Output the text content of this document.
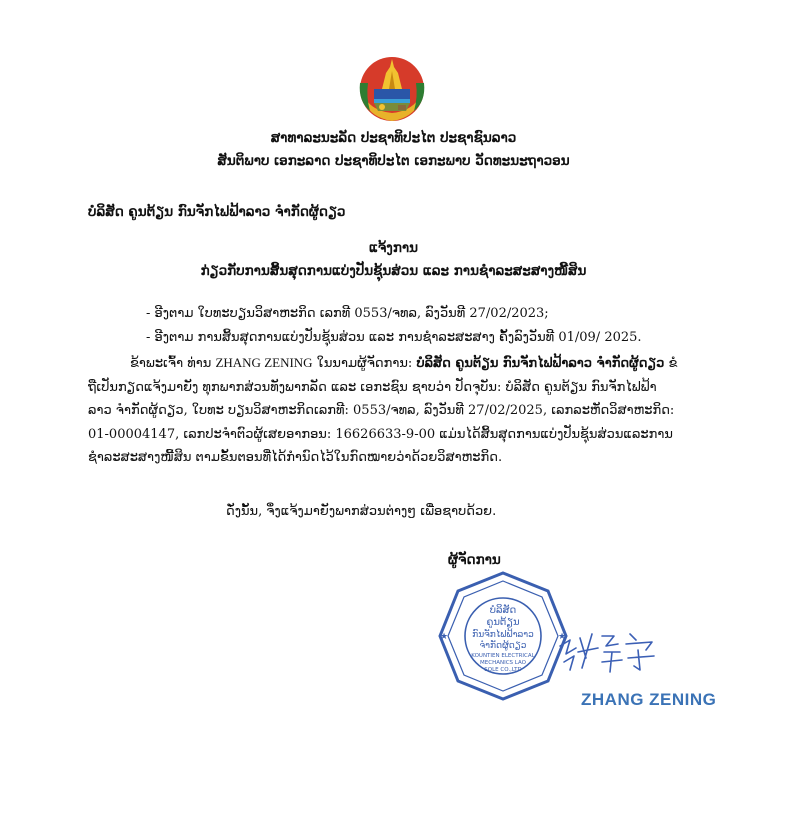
ສາທາລະນະລັດ ປະຊາທິປະໄຕ ປະຊາຊົນລາວ
ສັນຕິພາບ ເອກະລາດ ປະຊາທິປະໄຕ ເອກະພາບ ວັດທະນະຖາວອນ
ບໍລິສັດ ຄູນຕ້ຽນ ກົນຈັກໄຟຟ້າລາວ ຈໍາກັດຜູ້ດຽວ
ແຈ້ງການ
ກ່ຽວກັບການສິ້ນສຸດການແບ່ງປັນຊຸ້ນສ່ວນ ແລະ ການຊໍາລະສະສາງໜີ້ສິນ
- ອີງຕາມ ໃບທະບຽນວິສາຫະກິດ ເລກທີ 0553/ຈທລ, ລົງວັນທີ 27/02/2023;
- ອີງຕາມ ການສິ້ນສຸດການແບ່ງປັນຊຸ້ນສ່ວນ ແລະ ການຊໍາລະສະສາງ ຄັ້ງລົງວັນທີ 01/09/ 2025.
ຂ້າພະເຈົ້າ ທ່ານ ZHANG ZENING ໃນນາມຜູ້ຈັດການ: ບໍລິສັດ ຄູນຕ້ຽນ ກົນຈັກໄຟຟ້າລາວ ຈໍາກັດຜູ້ດຽວ ຂໍຖືເປັນກຽດແຈ້ງມາຍັງ ທຸກພາກສ່ວນທັງພາກລັດ ແລະ ເອກະຊົນ ຊາບວ່າ ປັດຈຸບັນ: ບໍລິສັດ ຄູນຕ້ຽນ ກົນຈັກໄຟຟ້າລາວ ຈໍາກັດຜູ້ດຽວ, ໃບທະ ບຽນວິສາຫະກິດເລກທີ: 0553/ຈທລ, ລົງວັນທີ 27/02/2025, ເລກລະຫັດວິສາຫະກິດ: 01-00004147, ເລກປະຈໍາຕົວຜູ້ເສຍອາກອນ: 16626633-9-00 ແມ່ນໄດ້ສິ້ນສຸດການແບ່ງປັນຊຸ້ນສ່ວນແລະການຊໍາລະສະສາງໜີ້ສິນ ຕາມຂັ້ນຕອນທີ່ໄດ້ກໍານົດໄວ້ໃນກົດໝາຍວ່າດ້ວຍວິສາຫະກິດ.
ດັ່ງນັ້ນ, ຈຶ່ງແຈ້ງມາຍັງພາກສ່ວນຕ່າງໆ ເພື່ອຊາບດ້ວຍ.
ຜູ້ຈັດການ
★	★
ບໍລິສັດ
ຄູນຕ້ຽນ
ກົນຈັກໄຟຟ້າລາວ
ຈໍາກັດຜູ້ດຽວ
KOUNTIEN ELECTRICAL
MECHANICS LAO
SOLE CO.,LTD
ZHANG ZENING
